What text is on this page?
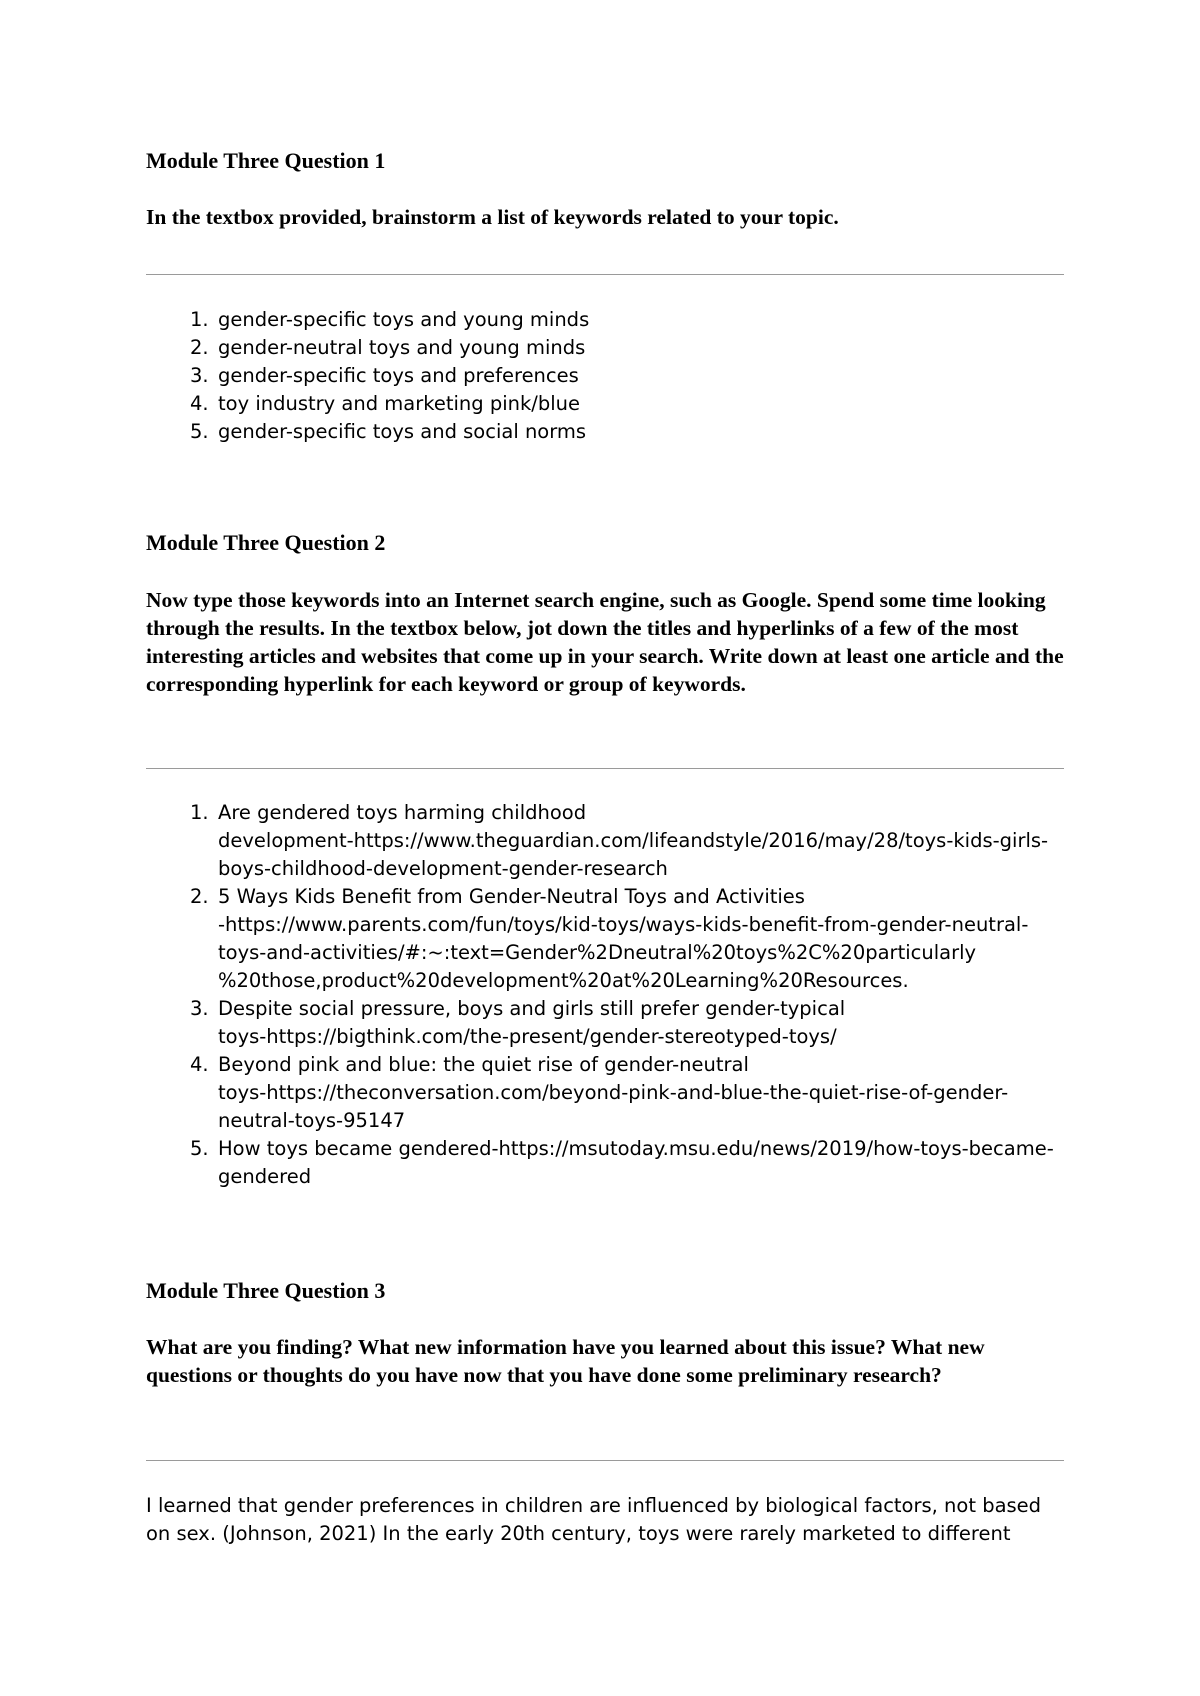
Module Three Question 1

In the textbox provided, brainstorm a list of keywords related to your topic.

1. gender-specific toys and young minds
2. gender-neutral toys and young minds
3. gender-specific toys and preferences
4. toy industry and marketing pink/blue
5. gender-specific toys and social norms
Module Three Question 2

Now type those keywords into an Internet search engine, such as Google. Spend some time looking through the results. In the textbox below, jot down the titles and hyperlinks of a few of the most interesting articles and websites that come up in your search. Write down at least one article and the corresponding hyperlink for each keyword or group of keywords.

1. Are gendered toys harming childhood
development-https://www.theguardian.com/lifeandstyle/2016/may/28/toys-kids-girls-
boys-childhood-development-gender-research
2. 5 Ways Kids Benefit from Gender-Neutral Toys and Activities
-https://www.parents.com/fun/toys/kid-toys/ways-kids-benefit-from-gender-neutral-
toys-and-activities/#:~:text=Gender%2Dneutral%20toys%2C%20particularly
%20those,product%20development%20at%20Learning%20Resources.
3. Despite social pressure, boys and girls still prefer gender-typical
toys-https://bigthink.com/the-present/gender-stereotyped-toys/
4. Beyond pink and blue: the quiet rise of gender-neutral
toys-https://theconversation.com/beyond-pink-and-blue-the-quiet-rise-of-gender-
neutral-toys-95147
5. How toys became gendered-https://msutoday.msu.edu/news/2019/how-toys-became-
gendered
Module Three Question 3

What are you finding? What new information have you learned about this issue? What new questions or thoughts do you have now that you have done some preliminary research?

I learned that gender preferences in children are influenced by biological factors, not based
on sex. (Johnson, 2021) In the early 20th century, toys were rarely marketed to different
